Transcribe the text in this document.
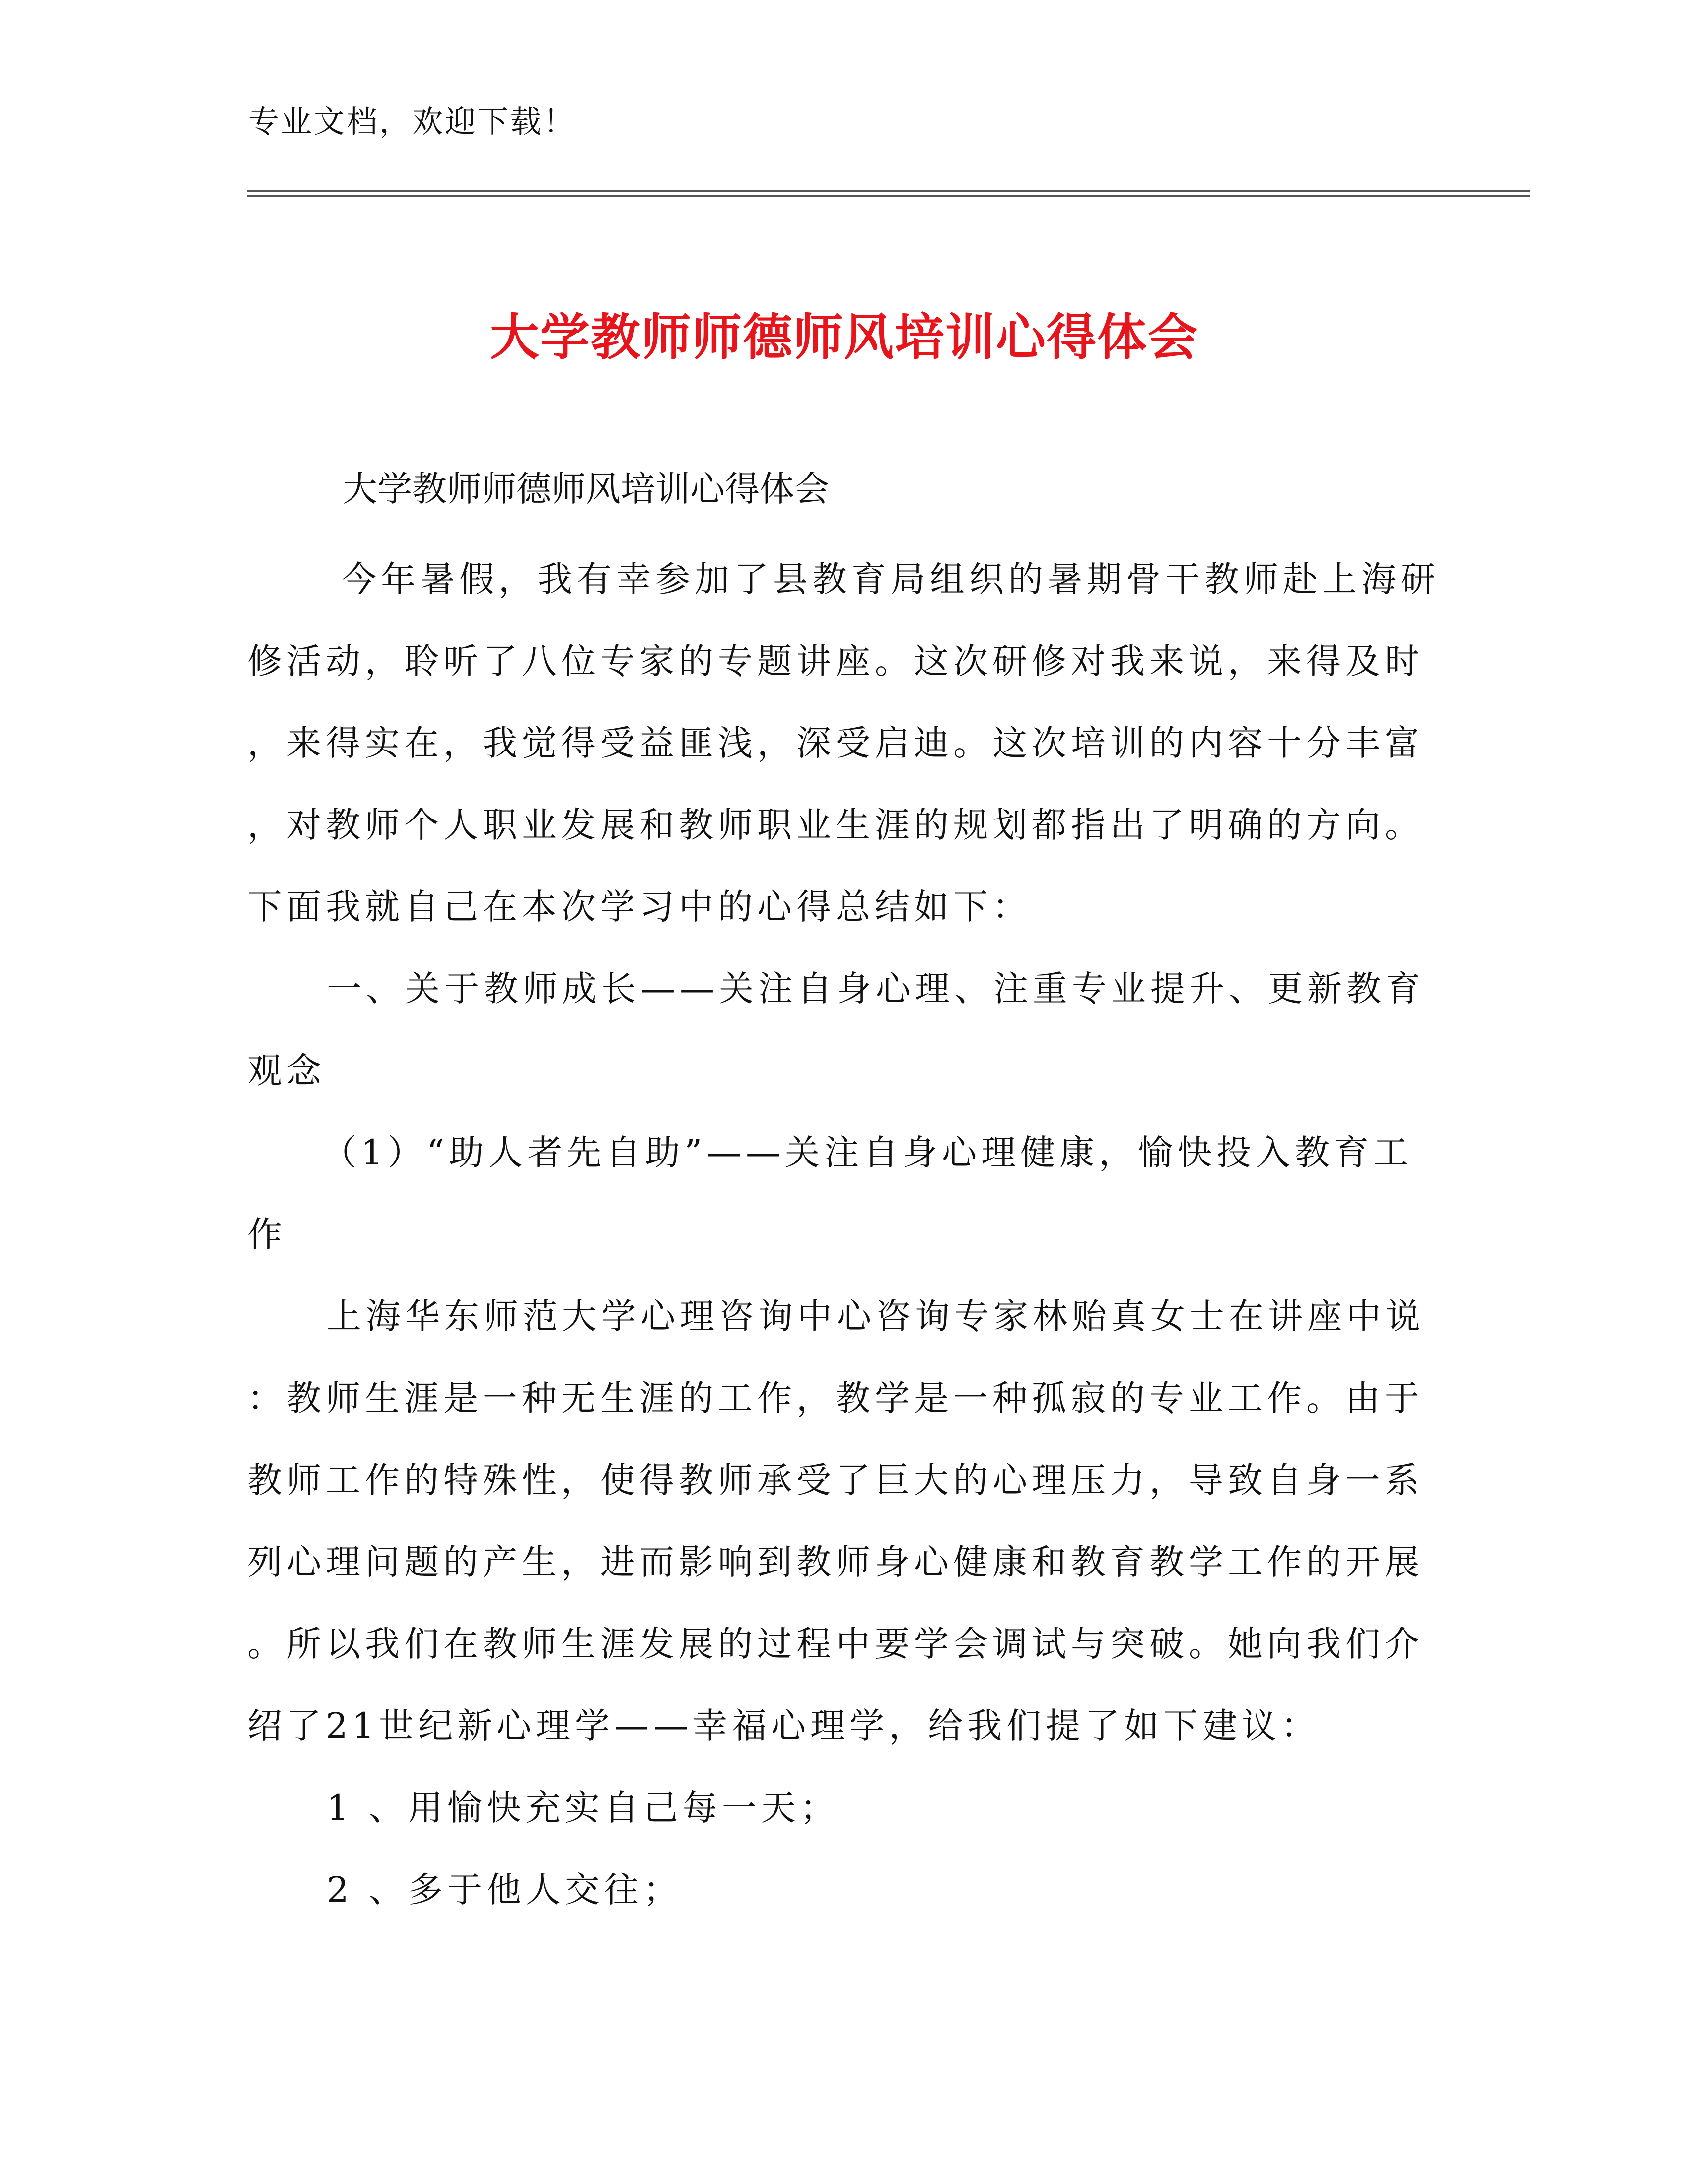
专业文档，欢迎下载！
大学教师师德师风培训心得体会
大学教师师德师风培训心得体会
今年暑假，我有幸参加了县教育局组织的暑期骨干教师赴上海研
修活动，聆听了八位专家的专题讲座。这次研修对我来说，来得及时
，来得实在，我觉得受益匪浅，深受启迪。这次培训的内容十分丰富
，对教师个人职业发展和教师职业生涯的规划都指出了明确的方向。
下面我就自己在本次学习中的心得总结如下：
一、关于教师成长——关注自身心理、注重专业提升、更新教育
观念
（1）“助人者先自助”——关注自身心理健康，愉快投入教育工
作
上海华东师范大学心理咨询中心咨询专家林贻真女士在讲座中说
：教师生涯是一种无生涯的工作，教学是一种孤寂的专业工作。由于
教师工作的特殊性，使得教师承受了巨大的心理压力，导致自身一系
列心理问题的产生，进而影响到教师身心健康和教育教学工作的开展
。所以我们在教师生涯发展的过程中要学会调试与突破。她向我们介
绍了21世纪新心理学——幸福心理学，给我们提了如下建议：
1 、用愉快充实自己每一天；
2 、多于他人交往；
